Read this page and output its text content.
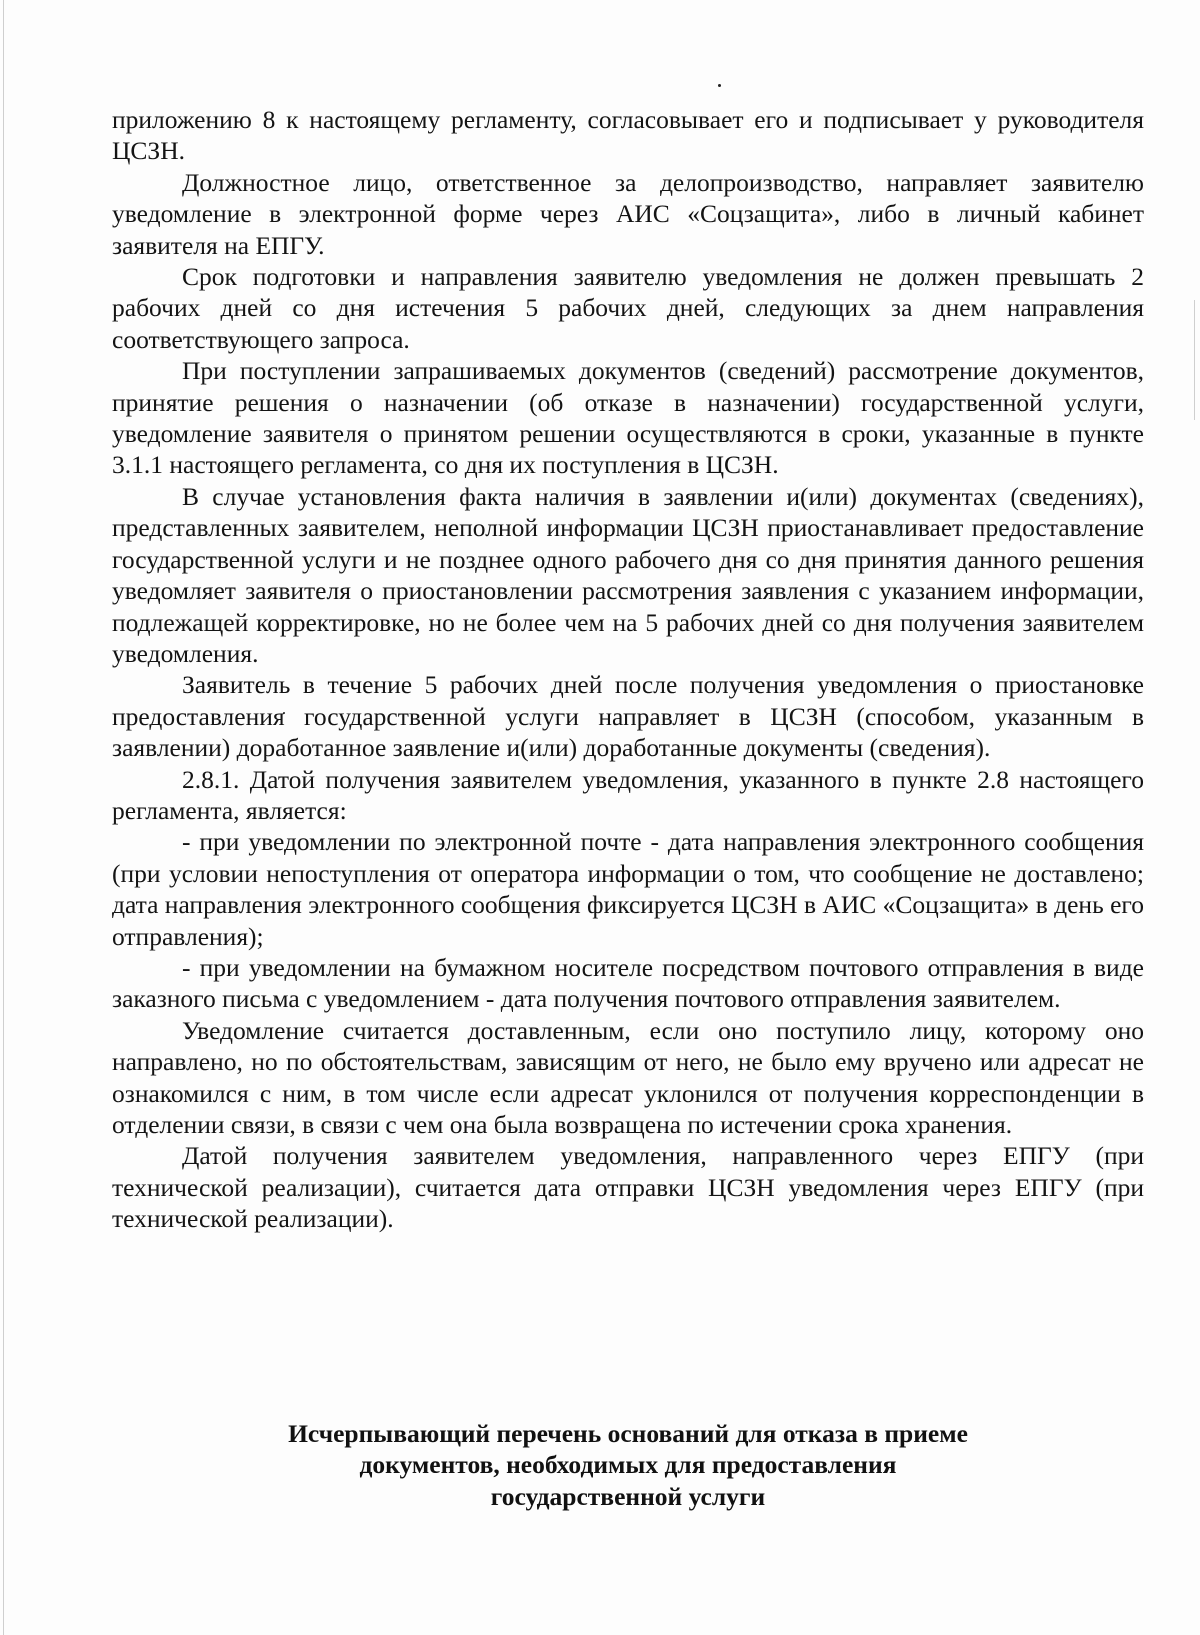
приложению 8 к настоящему регламенту, согласовывает его и подписывает у руководителя ЦСЗН.

Должностное лицо, ответственное за делопроизводство, направляет заявителю уведомление в электронной форме через АИС «Соцзащита», либо в личный кабинет заявителя на ЕПГУ.

Срок подготовки и направления заявителю уведомления не должен превышать 2 рабочих дней со дня истечения 5 рабочих дней, следующих за днем направления соответствующего запроса.

При поступлении запрашиваемых документов (сведений) рассмотрение документов, принятие решения о назначении (об отказе в назначении) государственной услуги, уведомление заявителя о принятом решении осуществляются в сроки, указанные в пункте 3.1.1 настоящего регламента, со дня их поступления в ЦСЗН.

В случае установления факта наличия в заявлении и(или) документах (сведениях), представленных заявителем, неполной информации ЦСЗН приостанавливает предоставление государственной услуги и не позднее одного рабочего дня со дня принятия данного решения уведомляет заявителя о приостановлении рассмотрения заявления с указанием информации, подлежащей корректировке, но не более чем на 5 рабочих дней со дня получения заявителем уведомления.

Заявитель в течение 5 рабочих дней после получения уведомления о приостановке предоставления государственной услуги направляет в ЦСЗН (способом, указанным в заявлении) доработанное заявление и(или) доработанные документы (сведения).

2.8.1. Датой получения заявителем уведомления, указанного в пункте 2.8 настоящего регламента, является:

- при уведомлении по электронной почте - дата направления электронного сообщения (при условии непоступления от оператора информации о том, что сообщение не доставлено; дата направления электронного сообщения фиксируется ЦСЗН в АИС «Соцзащита» в день его отправления);

- при уведомлении на бумажном носителе посредством почтового отправления в виде заказного письма с уведомлением - дата получения почтового отправления заявителем.

Уведомление считается доставленным, если оно поступило лицу, которому оно направлено, но по обстоятельствам, зависящим от него, не было ему вручено или адресат не ознакомился с ним, в том числе если адресат уклонился от получения корреспонденции в отделении связи, в связи с чем она была возвращена по истечении срока хранения.

Датой получения заявителем уведомления, направленного через ЕПГУ (при технической реализации), считается дата отправки ЦСЗН уведомления через ЕПГУ (при технической реализации).

Исчерпывающий перечень оснований для отказа в приеме
документов, необходимых для предоставления
государственной услуги
